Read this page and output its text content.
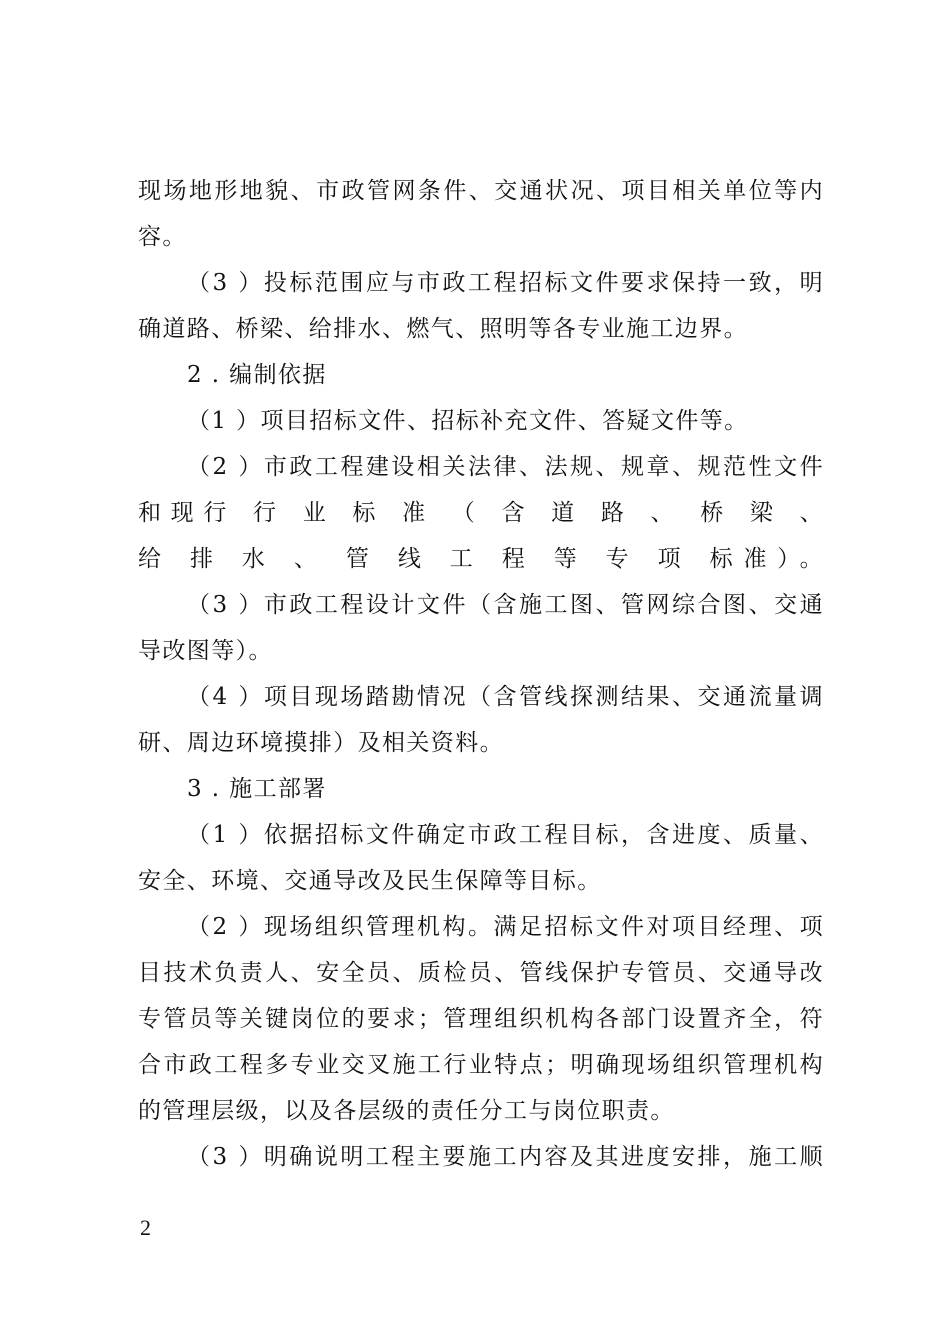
现场地形地貌、市政管网条件、交通状况、项目相关单位等内
容。
（3 ）投标范围应与市政工程招标文件要求保持一致，明
确道路、桥梁、给排水、燃气、照明等各专业施工边界。
2 . 编制依据
（1 ）项目招标文件、招标补充文件、答疑文件等。
（2 ）市政工程建设相关法律、法规、规章、规范性文件
和现行 行 业 标 准 （ 含 道 路 、 桥 梁 、
给 排 水 、 管 线 工 程 等 专 项 标准）。
（3 ）市政工程设计文件（含施工图、管网综合图、交通
导改图等）。
（4 ）项目现场踏勘情况（含管线探测结果、交通流量调
研、周边环境摸排）及相关资料。
3 . 施工部署
（1 ）依据招标文件确定市政工程目标，含进度、质量、
安全、环境、交通导改及民生保障等目标。
（2 ）现场组织管理机构。满足招标文件对项目经理、项
目技术负责人、安全员、质检员、管线保护专管员、交通导改
专管员等关键岗位的要求；管理组织机构各部门设置齐全，符
合市政工程多专业交叉施工行业特点；明确现场组织管理机构
的管理层级，以及各层级的责任分工与岗位职责。
（3 ）明确说明工程主要施工内容及其进度安排，施工顺
2
